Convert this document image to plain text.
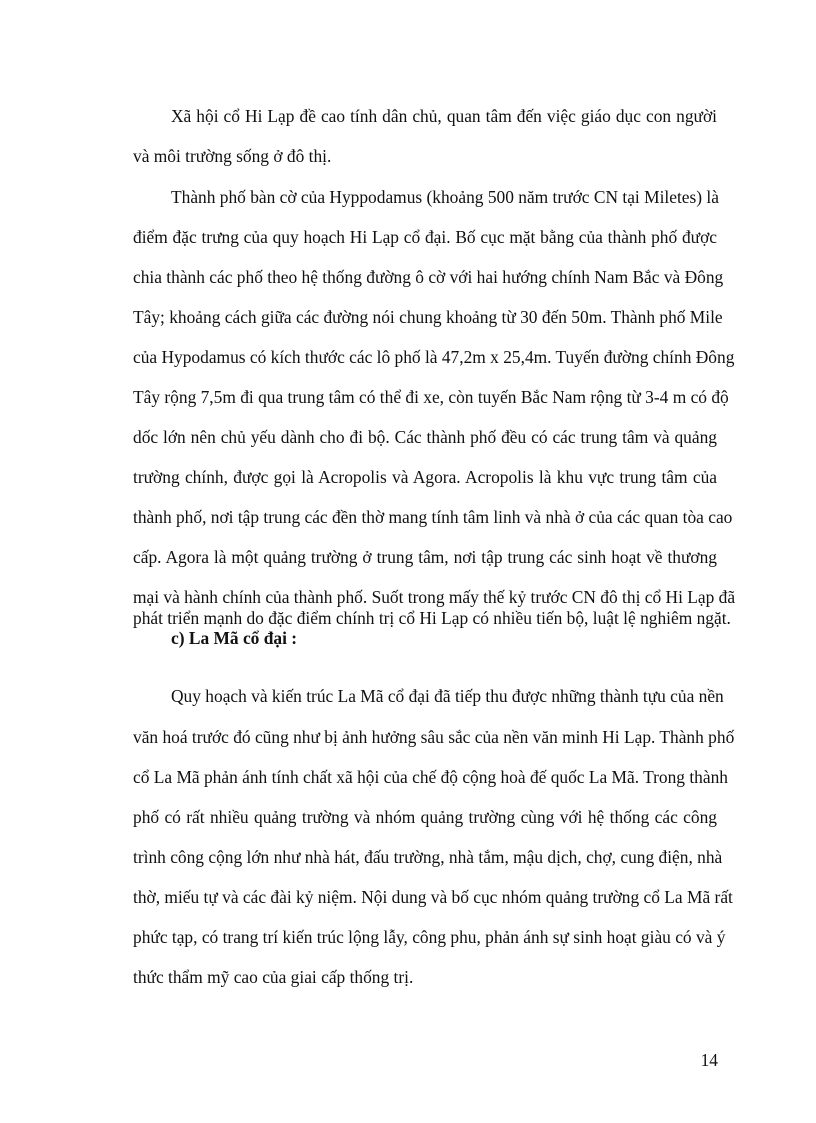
Xã hội cổ Hi Lạp đề cao tính dân chủ, quan tâm đến việc giáo dục con người

và môi trường sống ở đô thị.

Thành phố bàn cờ của Hyppodamus (khoảng 500 năm trước CN tại Miletes) là

điểm đặc trưng của quy hoạch Hi Lạp cổ đại. Bố cục mặt bằng của thành phố được

chia thành các phố theo hệ thống đường ô cờ với hai hướng chính Nam Bắc và Đông

Tây; khoảng cách giữa các đường nói chung khoảng từ 30 đến 50m. Thành phố Mile

của Hypodamus có kích thước các lô phố là 47,2m x 25,4m. Tuyến đường chính Đông

Tây rộng 7,5m đi qua trung tâm có thể đi xe, còn tuyến Bắc Nam rộng từ 3-4 m có độ

dốc lớn nên chủ yếu dành cho đi bộ. Các thành phố đều có các trung tâm và quảng

trường chính, được gọi là Acropolis và Agora. Acropolis là khu vực trung tâm của

thành phố, nơi tập trung các đền thờ mang tính tâm linh và nhà ở của các quan tòa cao

cấp. Agora là một quảng trường ở trung tâm, nơi tập trung các sinh hoạt về thương

mại và hành chính của thành phố. Suốt trong mấy thế kỷ trước CN đô thị cổ Hi Lạp đã

phát triển mạnh do đặc điểm chính trị cổ Hi Lạp có nhiều tiến bộ, luật lệ nghiêm ngặt.

c) La Mã cổ đại :

Quy hoạch và kiến trúc La Mã cổ đại đã tiếp thu được những thành tựu của nền

văn hoá trước đó cũng như bị ảnh hưởng sâu sắc của nền văn minh Hi Lạp. Thành phố

cổ La Mã phản ánh tính chất xã hội của chế độ cộng hoà đế quốc La Mã. Trong thành

phố có rất nhiều quảng trường và nhóm quảng trường cùng với hệ thống các công

trình công cộng lớn như nhà hát, đấu trường, nhà tắm, mậu dịch, chợ, cung điện, nhà

thờ, miếu tự và các đài kỷ niệm. Nội dung và bố cục nhóm quảng trường cổ La Mã rất

phức tạp, có trang trí kiến trúc lộng lẫy, công phu, phản ánh sự sinh hoạt giàu có và ý

thức thẩm mỹ cao của giai cấp thống trị.

14
